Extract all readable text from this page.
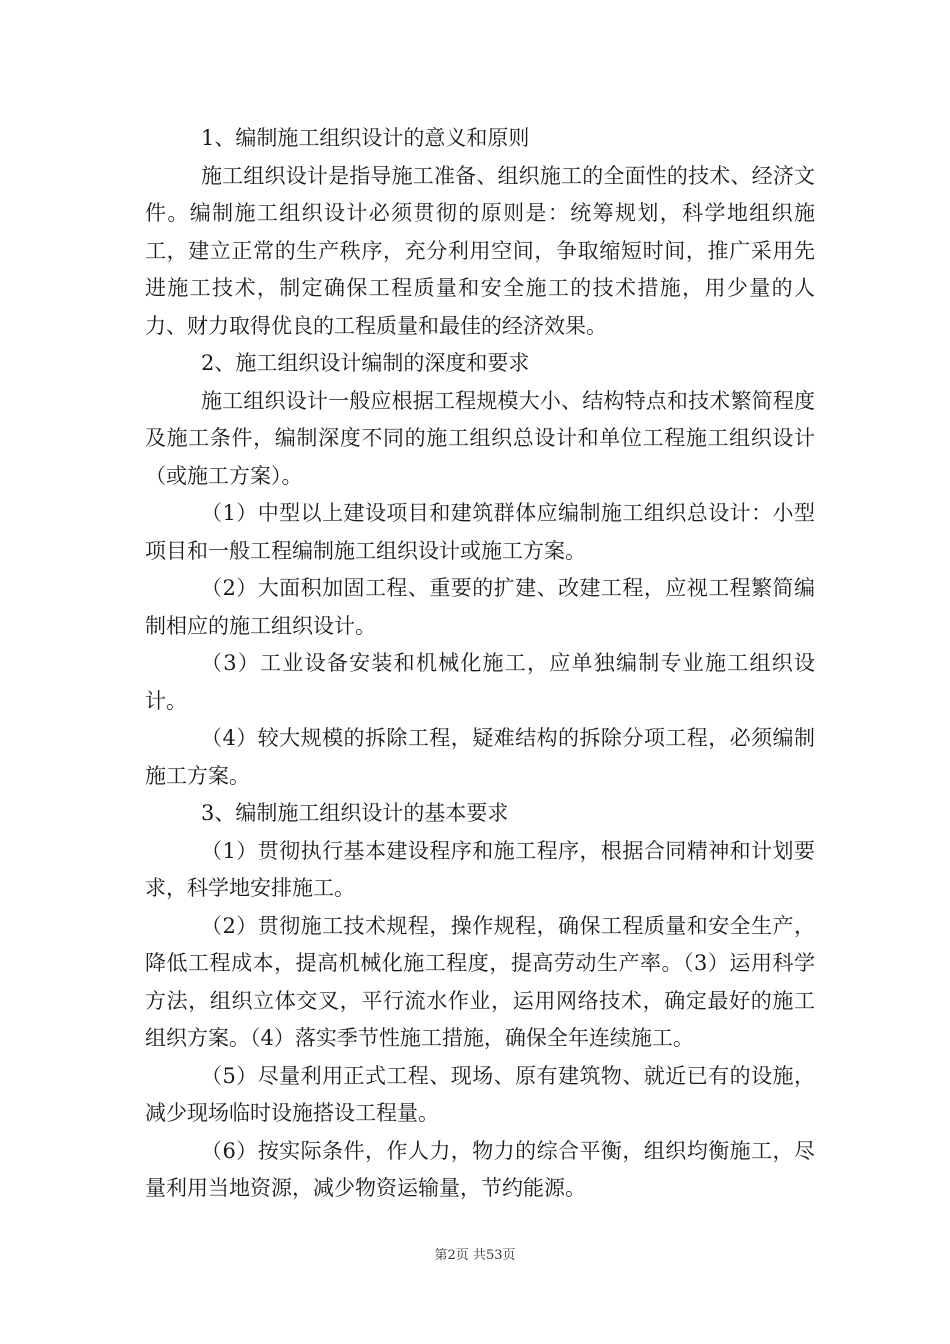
1、编制施工组织设计的意义和原则

施工组织设计是指导施工准备、组织施工的全面性的技术、经济文件。编制施工组织设计必须贯彻的原则是：统筹规划，科学地组织施工，建立正常的生产秩序，充分利用空间，争取缩短时间，推广采用先进施工技术，制定确保工程质量和安全施工的技术措施，用少量的人力、财力取得优良的工程质量和最佳的经济效果。

2、施工组织设计编制的深度和要求

施工组织设计一般应根据工程规模大小、结构特点和技术繁简程度及施工条件，编制深度不同的施工组织总设计和单位工程施工组织设计（或施工方案）。

（1）中型以上建设项目和建筑群体应编制施工组织总设计：小型项目和一般工程编制施工组织设计或施工方案。

（2）大面积加固工程、重要的扩建、改建工程，应视工程繁简编制相应的施工组织设计。

（3）工业设备安装和机械化施工，应单独编制专业施工组织设计。

（4）较大规模的拆除工程，疑难结构的拆除分项工程，必须编制施工方案。

3、编制施工组织设计的基本要求

（1）贯彻执行基本建设程序和施工程序，根据合同精神和计划要求，科学地安排施工。

（2）贯彻施工技术规程，操作规程，确保工程质量和安全生产，降低工程成本，提高机械化施工程度，提高劳动生产率。（3）运用科学方法，组织立体交叉，平行流水作业，运用网络技术，确定最好的施工组织方案。（4）落实季节性施工措施，确保全年连续施工。

（5）尽量利用正式工程、现场、原有建筑物、就近已有的设施，减少现场临时设施搭设工程量。

（6）按实际条件，作人力，物力的综合平衡，组织均衡施工，尽量利用当地资源，减少物资运输量，节约能源。

第2页 共53页
